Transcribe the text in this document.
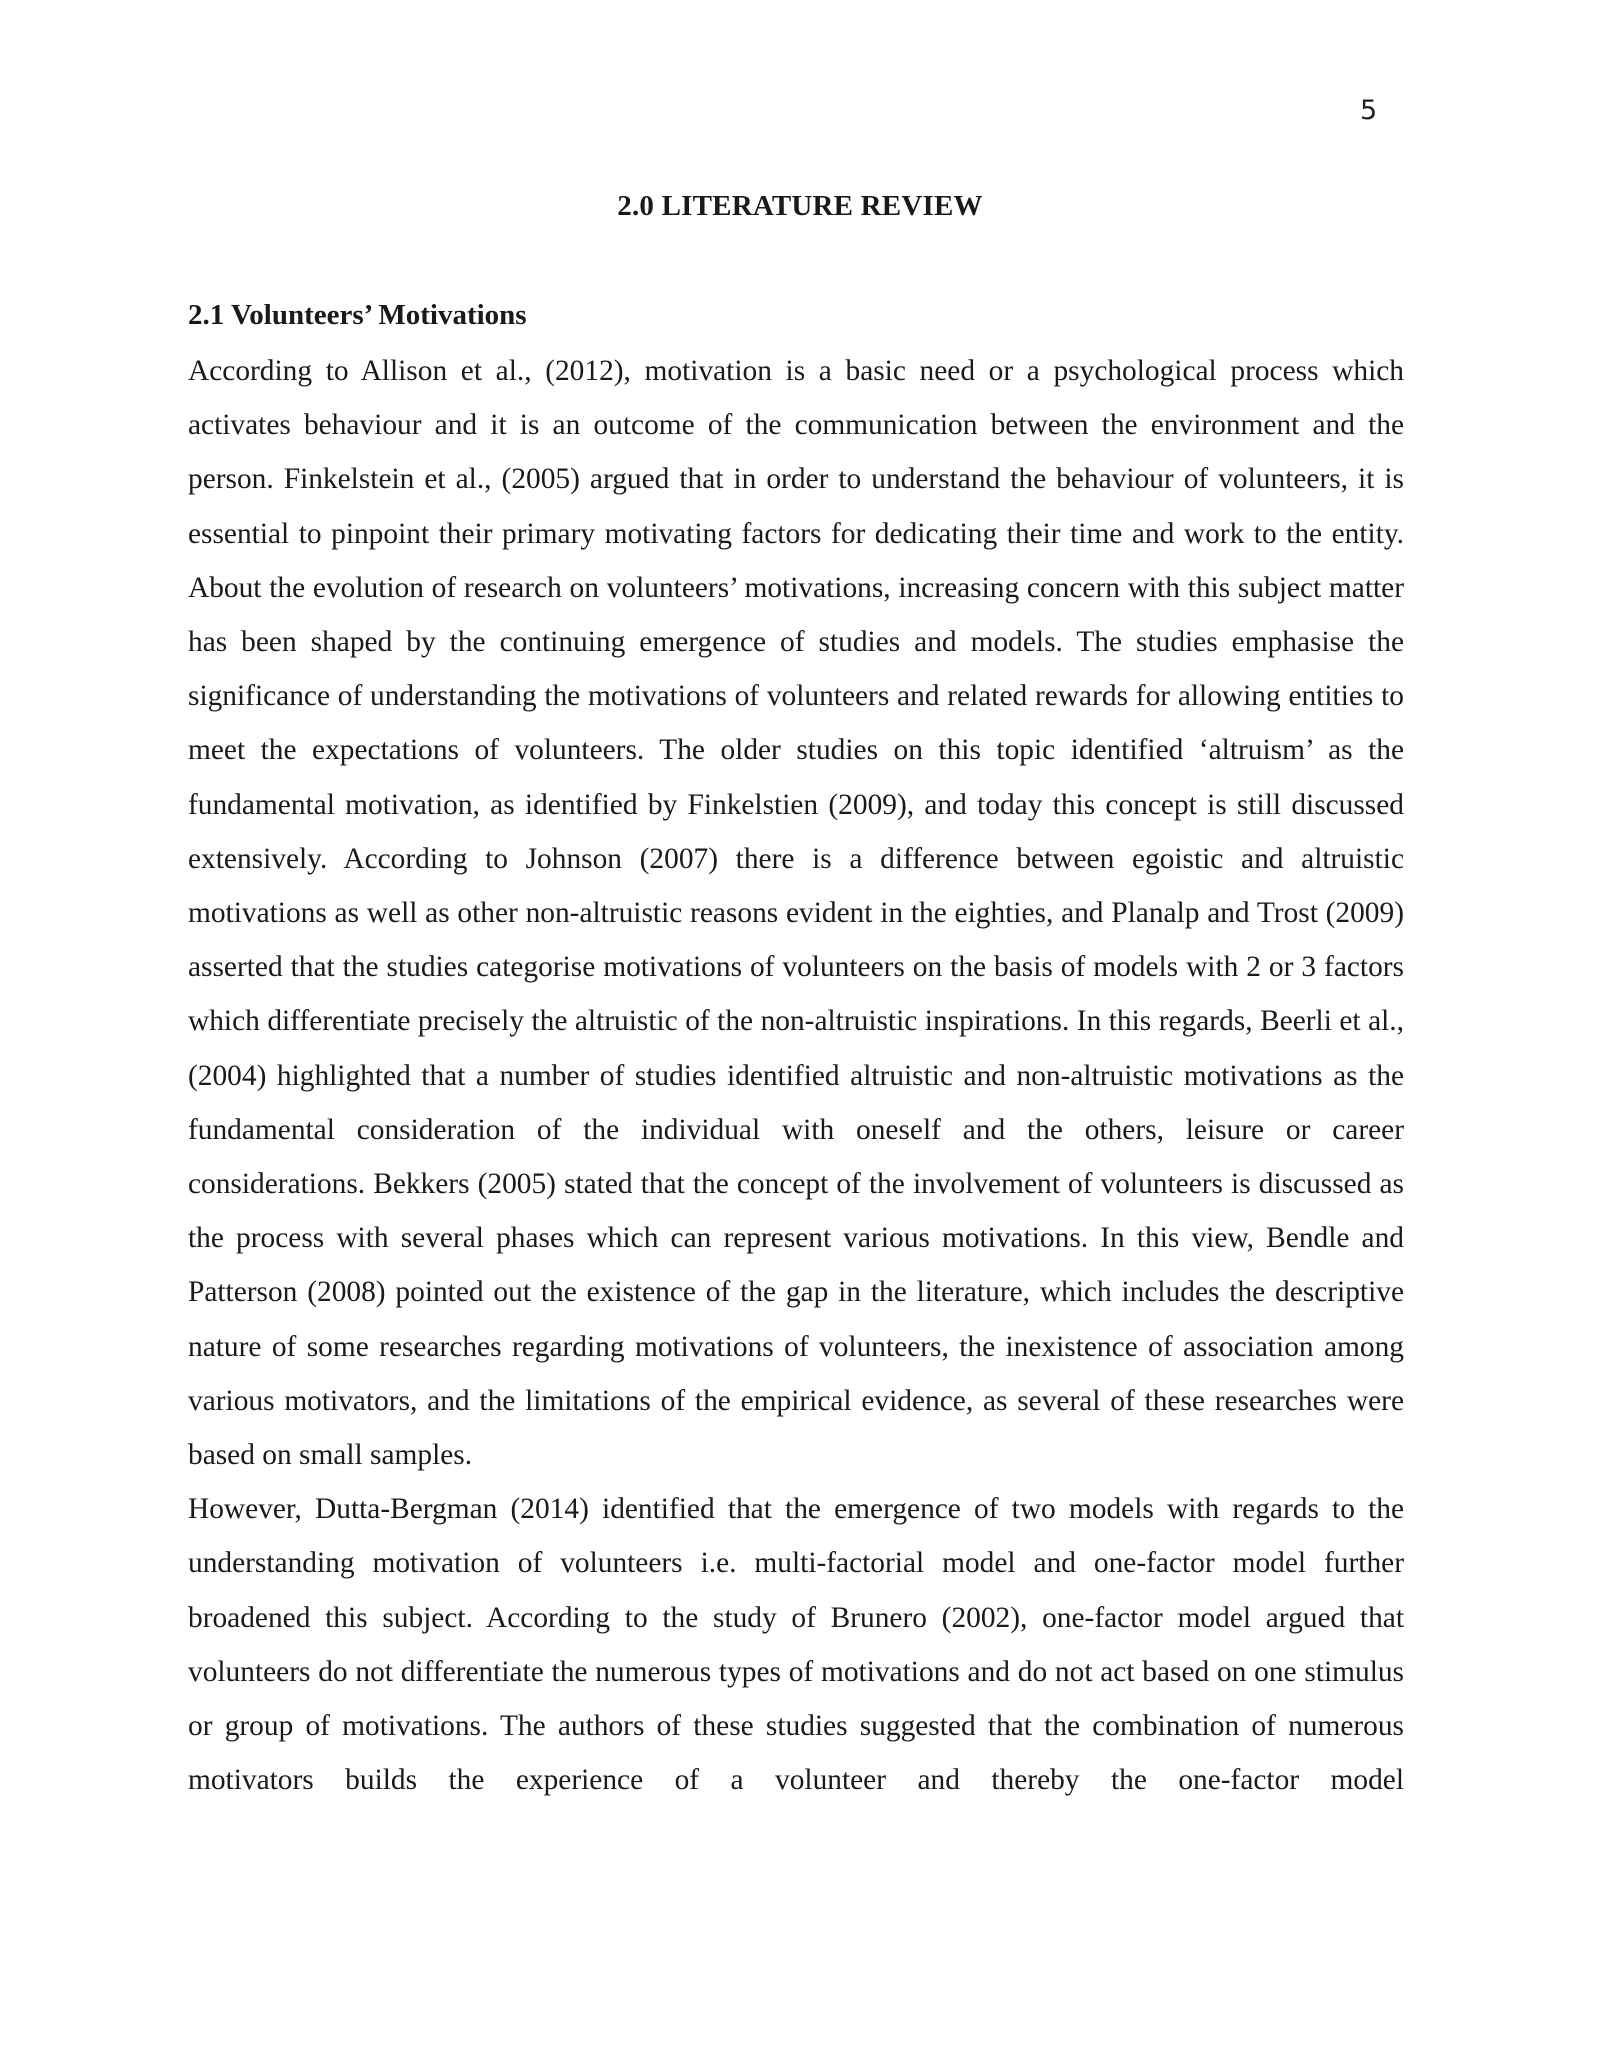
5
2.0 LITERATURE REVIEW
2.1 Volunteers’ Motivations

According to Allison et al., (2012), motivation is a basic need or a psychological process which activates behaviour and it is an outcome of the communication between the environment and the person. Finkelstein et al., (2005) argued that in order to understand the behaviour of volunteers, it is essential to pinpoint their primary motivating factors for dedicating their time and work to the entity. About the evolution of research on volunteers’ motivations, increasing concern with this subject matter has been shaped by the continuing emergence of studies and models. The studies emphasise the significance of understanding the motivations of volunteers and related rewards for allowing entities to meet the expectations of volunteers. The older studies on this topic identified ‘altruism’ as the fundamental motivation, as identified by Finkelstien (2009), and today this concept is still discussed extensively. According to Johnson (2007) there is a difference between egoistic and altruistic motivations as well as other non-altruistic reasons evident in the eighties, and Planalp and Trost (2009) asserted that the studies categorise motivations of volunteers on the basis of models with 2 or 3 factors which differentiate precisely the altruistic of the non-altruistic inspirations. In this regards, Beerli et al., (2004) highlighted that a number of studies identified altruistic and non-altruistic motivations as the fundamental consideration of the individual with oneself and the others, leisure or career considerations. Bekkers (2005) stated that the concept of the involvement of volunteers is discussed as the process with several phases which can represent various motivations. In this view, Bendle and Patterson (2008) pointed out the existence of the gap in the literature, which includes the descriptive nature of some researches regarding motivations of volunteers, the inexistence of association among various motivators, and the limitations of the empirical evidence, as several of these researches were based on small samples.

However, Dutta-Bergman (2014) identified that the emergence of two models with regards to the understanding motivation of volunteers i.e. multi-factorial model and one-factor model further broadened this subject. According to the study of Brunero (2002), one-factor model argued that volunteers do not differentiate the numerous types of motivations and do not act based on one stimulus or group of motivations. The authors of these studies suggested that the combination of numerous motivators builds the experience of a volunteer and thereby the one-factor model
